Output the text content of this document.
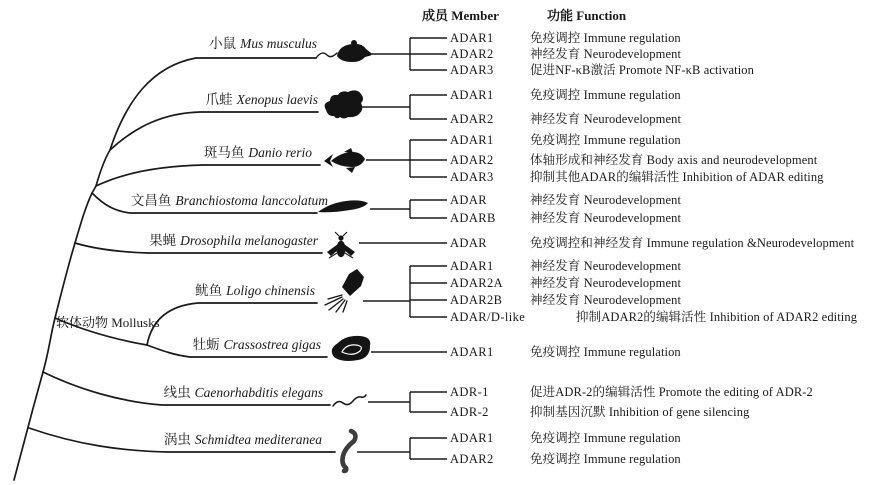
成员 Member	功能 Function
软体动物 Mollusks
小鼠 Mus musculus	ADAR1	免疫调控 Immune regulation
ADAR2	神经发育 Neurodevelopment
ADAR3	促进NF-κB激活 Promote NF-κB activation
爪蛙 Xenopus laevis	ADAR1	免疫调控 Immune regulation
ADAR2	神经发育 Neurodevelopment
斑马鱼 Danio rerio
ADAR1	免疫调控 Immune regulation
ADAR2	体轴形成和神经发育 Body axis and neurodevelopment
ADAR3	抑制其他ADAR的编辑活性 Inhibition of ADAR editing
文昌鱼 Branchiostoma lanccolatum	ADAR	神经发育 Neurodevelopment
ADARB	神经发育 Neurodevelopment
果蝇 Drosophila melanogaster	ADAR	免疫调控和神经发育 Immune regulation &Neurodevelopment
鱿鱼 Loligo chinensis
ADAR1	神经发育 Neurodevelopment
ADAR2A 神经发育 Neurodevelopment
ADAR2B 神经发育 Neurodevelopment
ADAR/D-like	抑制ADAR2的编辑活性 Inhibition of ADAR2 editing
牡蛎 Crassostrea gigas	ADAR1	免疫调控 Immune regulation
线虫 Caenorhabditis elegans	ADR-1	促进ADR-2的编辑活性 Promote the editing of ADR-2
ADR-2	抑制基因沉默 Inhibition of gene silencing
涡虫 Schmidtea mediteranea	ADAR1	免疫调控 Immune regulation
ADAR2	免疫调控 Immune regulation
